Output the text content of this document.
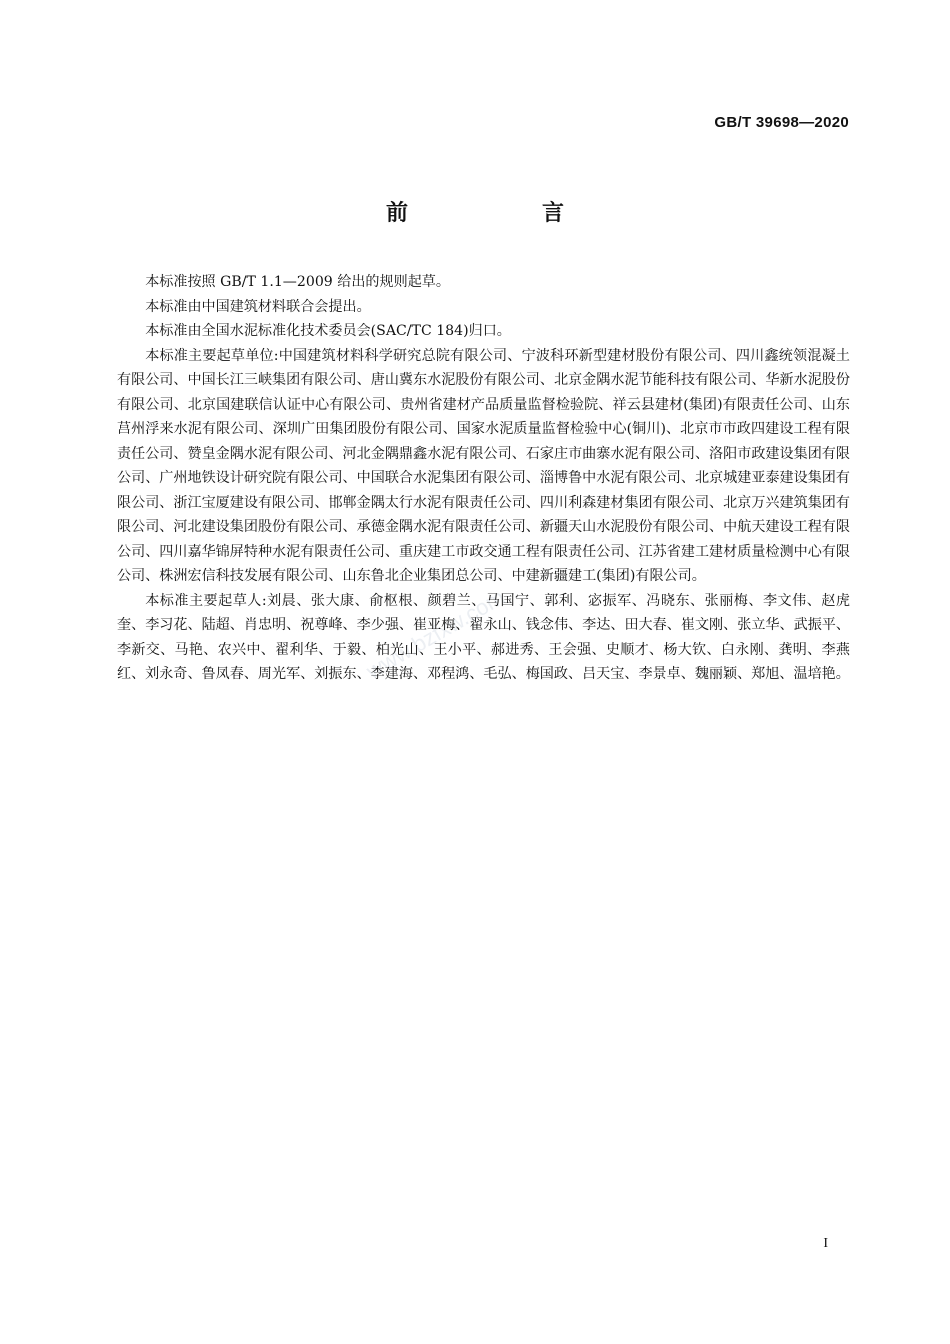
GB/T 39698—2020
前　言
www.bzfxw.com

本标准按照 GB/T 1.1—2009 给出的规则起草。

本标准由中国建筑材料联合会提出。

本标准由全国水泥标准化技术委员会(SAC/TC 184)归口。

本标准主要起草单位:中国建筑材料科学研究总院有限公司、宁波科环新型建材股份有限公司、四川鑫统领混凝土有限公司、中国长江三峡集团有限公司、唐山冀东水泥股份有限公司、北京金隅水泥节能科技有限公司、华新水泥股份有限公司、北京国建联信认证中心有限公司、贵州省建材产品质量监督检验院、祥云县建材(集团)有限责任公司、山东莒州浮来水泥有限公司、深圳广田集团股份有限公司、国家水泥质量监督检验中心(铜川)、北京市市政四建设工程有限责任公司、赞皇金隅水泥有限公司、河北金隅鼎鑫水泥有限公司、石家庄市曲寨水泥有限公司、洛阳市政建设集团有限公司、广州地铁设计研究院有限公司、中国联合水泥集团有限公司、淄博鲁中水泥有限公司、北京城建亚泰建设集团有限公司、浙江宝厦建设有限公司、邯郸金隅太行水泥有限责任公司、四川利森建材集团有限公司、北京万兴建筑集团有限公司、河北建设集团股份有限公司、承德金隅水泥有限责任公司、新疆天山水泥股份有限公司、中航天建设工程有限公司、四川嘉华锦屏特种水泥有限责任公司、重庆建工市政交通工程有限责任公司、江苏省建工建材质量检测中心有限公司、株洲宏信科技发展有限公司、山东鲁北企业集团总公司、中建新疆建工(集团)有限公司。

本标准主要起草人:刘晨、张大康、俞枢根、颜碧兰、马国宁、郭利、宓振军、冯晓东、张丽梅、李文伟、赵虎奎、李习花、陆超、肖忠明、祝尊峰、李少强、崔亚梅、翟永山、钱念伟、李达、田大春、崔文刚、张立华、武振平、李新交、马艳、农兴中、翟利华、于毅、柏光山、王小平、郝进秀、王会强、史顺才、杨大钦、白永刚、龚明、李燕红、刘永奇、鲁凤春、周光军、刘振东、李建海、邓程鸿、毛弘、梅国政、吕天宝、李景卓、魏丽颖、郑旭、温培艳。

I
